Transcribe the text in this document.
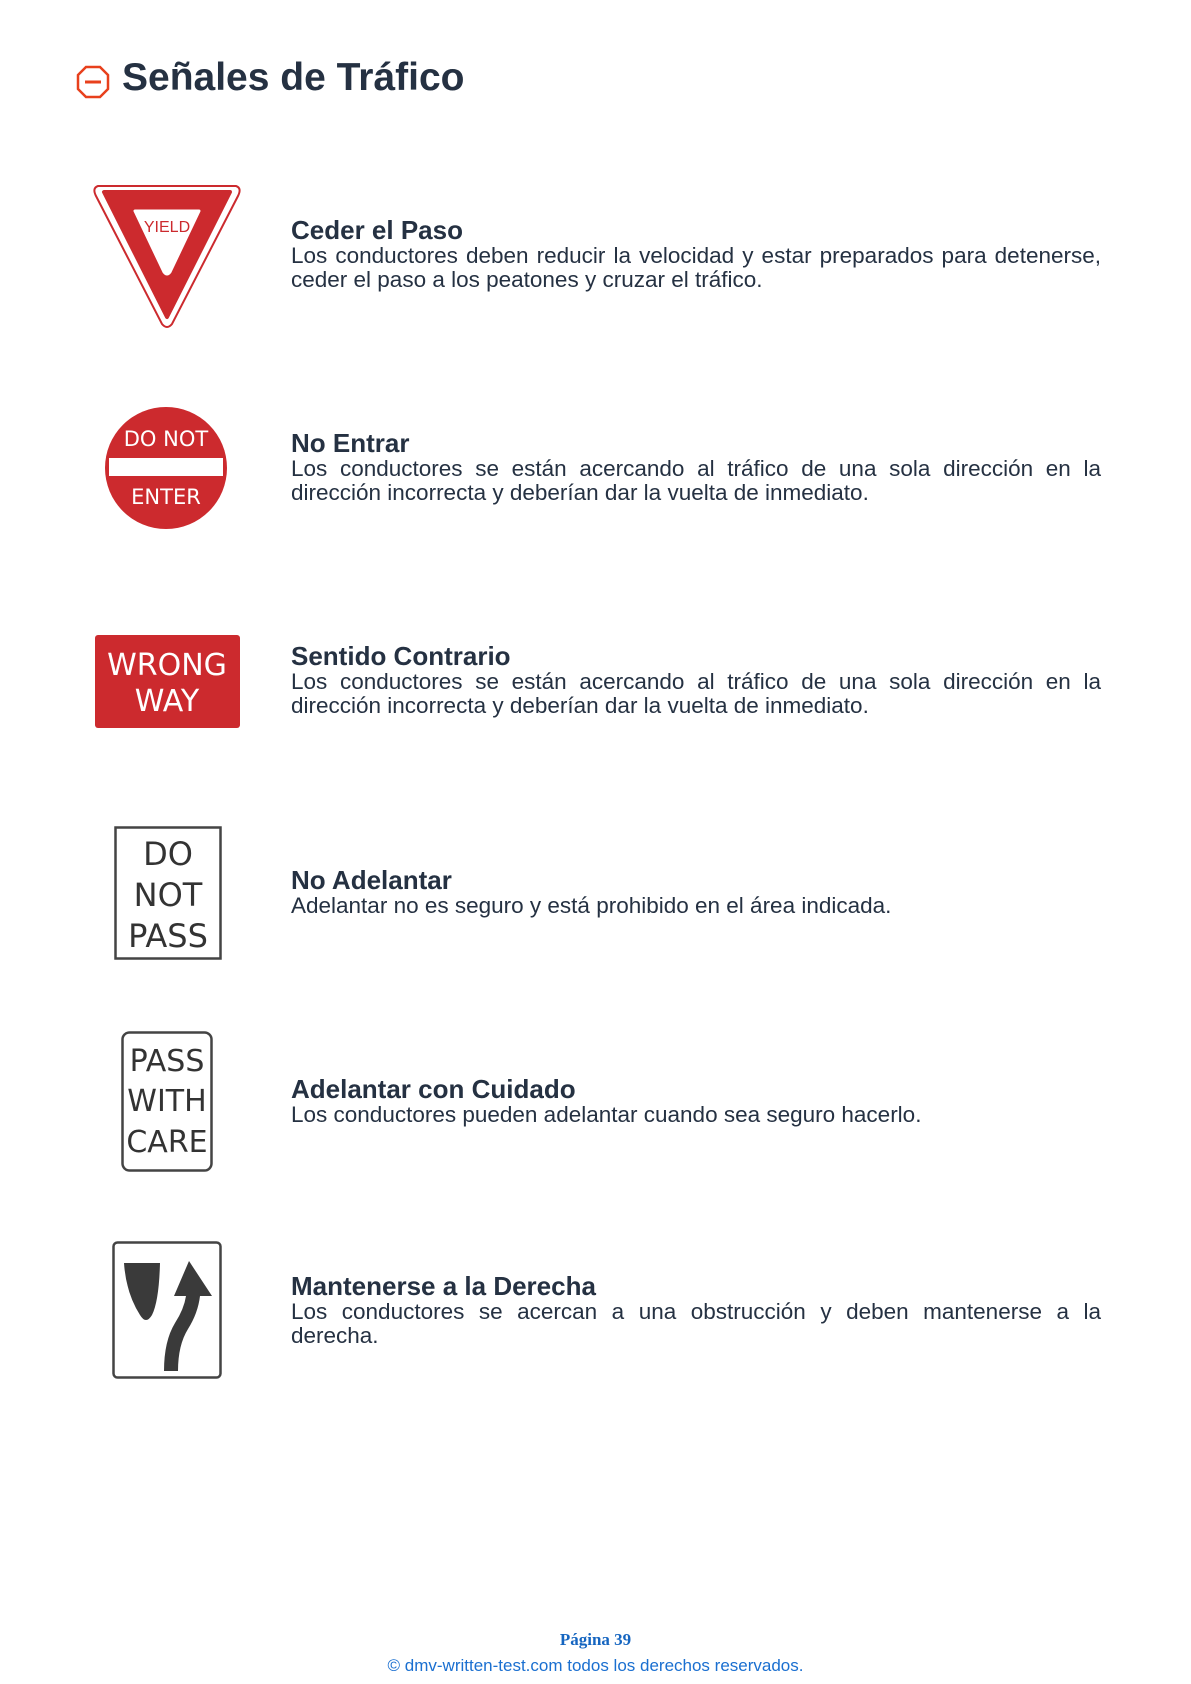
Señales de Tráfico
YIELD	Ceder el Paso

Los conductores deben reducir la velocidad y estar preparados para detenerse, ceder el paso a los peatones y cruzar el tráfico.

DO NOT
ENTER
No Entrar

Los conductores se están acercando al tráfico de una sola dirección en la dirección incorrecta y deberían dar la vuelta de inmediato.

WRONG
WAY
Sentido Contrario

Los conductores se están acercando al tráfico de una sola dirección en la dirección incorrecta y deberían dar la vuelta de inmediato.

DO
NOT
PASS
No Adelantar

Adelantar no es seguro y está prohibido en el área indicada.

PASS
WITH
CARE
Adelantar con Cuidado

Los conductores pueden adelantar cuando sea seguro hacerlo.

Mantenerse a la Derecha

Los conductores se acercan a una obstrucción y deben mantenerse a la derecha.

Página 39
© dmv-written-test.com todos los derechos reservados.
